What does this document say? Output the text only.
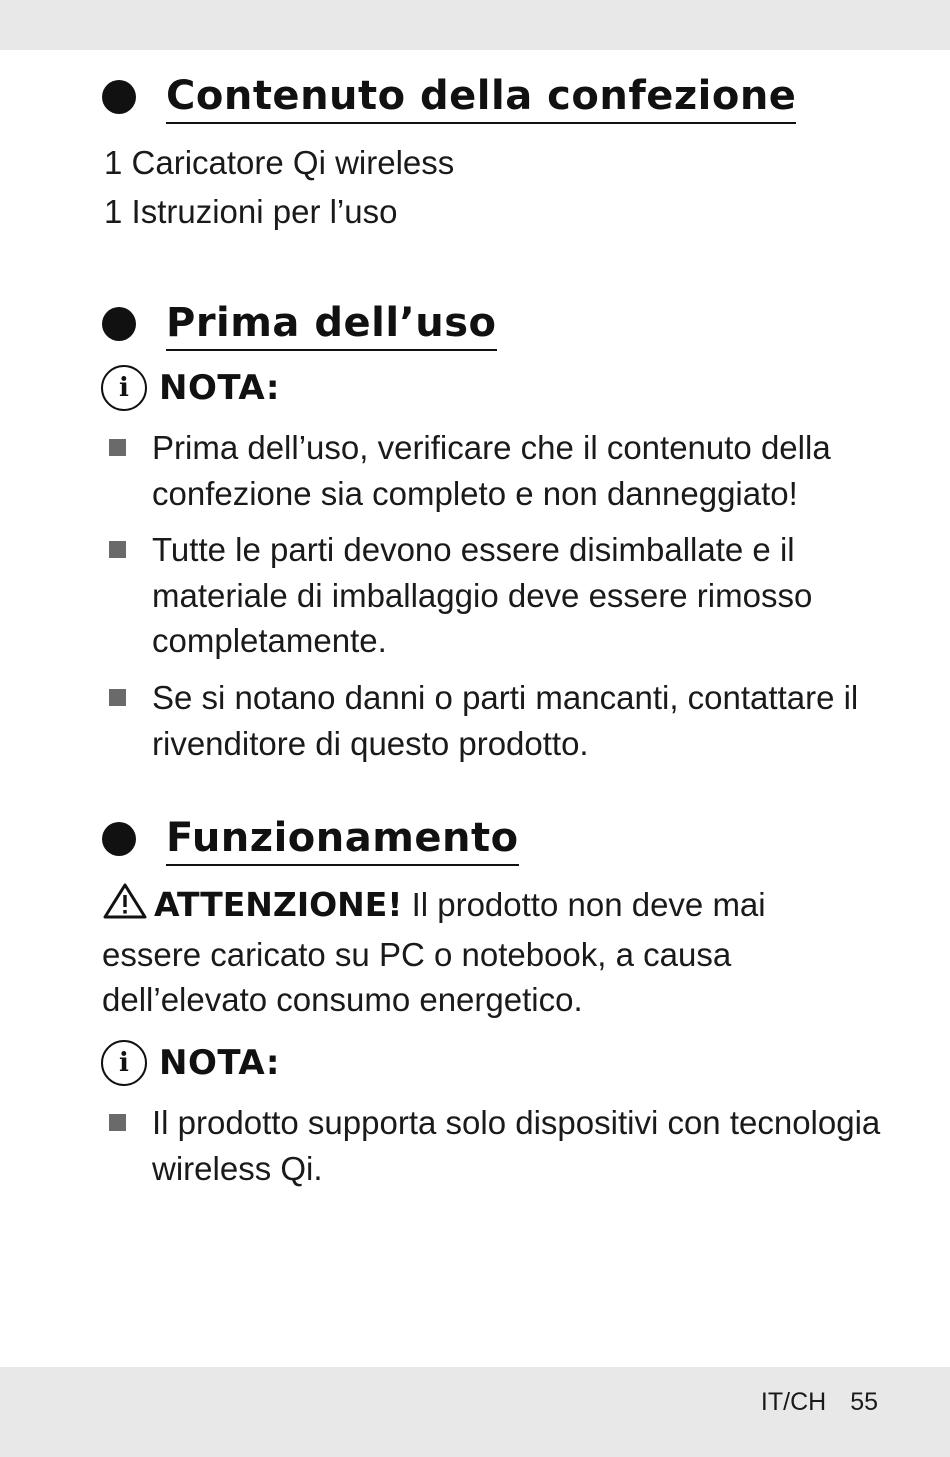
Contenuto della confezione
1 Caricatore Qi wireless
1 Istruzioni per l’uso
Prima dell’uso
i NOTA:
Prima dell’uso, verificare che il contenuto della confezione sia completo e non danneggiato!
Tutte le parti devono essere disimballate e il materiale di imballaggio deve essere rimosso completamente.
Se si notano danni o parti mancanti, contattare il rivenditore di questo prodotto.
Funzionamento
ATTENZIONE! Il prodotto non deve mai essere caricato su PC o notebook, a causa dell’elevato consumo energetico.
i NOTA:
Il prodotto supporta solo dispositivi con tecnologia wireless Qi.
IT/CH 55
